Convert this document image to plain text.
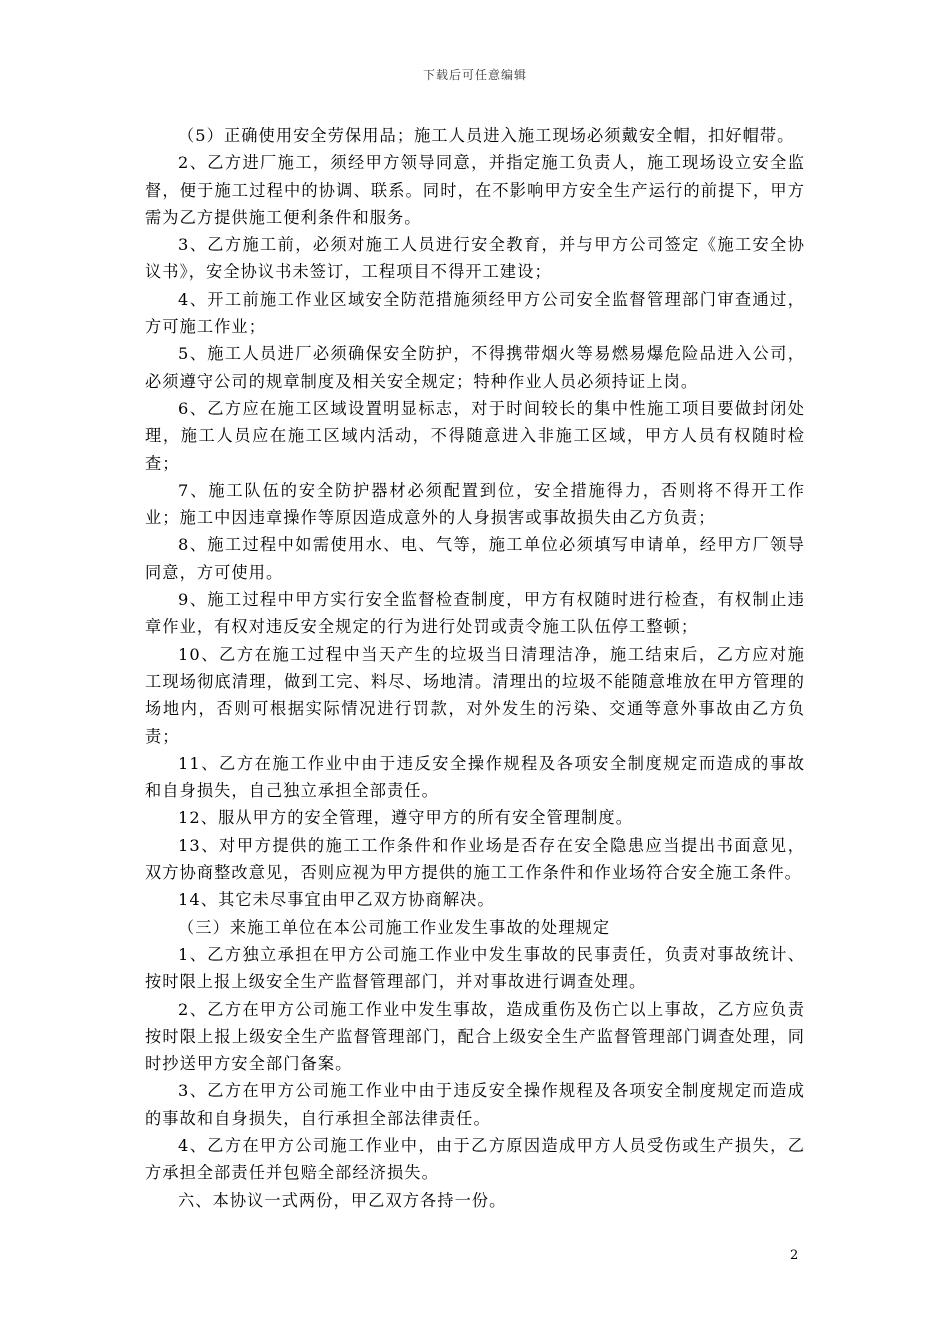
下载后可任意编辑

（5）正确使用安全劳保用品；施工人员进入施工现场必须戴安全帽，扣好帽带。

2、乙方进厂施工，须经甲方领导同意，并指定施工负责人，施工现场设立安全监督，便于施工过程中的协调、联系。同时，在不影响甲方安全生产运行的前提下，甲方需为乙方提供施工便利条件和服务。

3、乙方施工前，必须对施工人员进行安全教育，并与甲方公司签定《施工安全协议书》，安全协议书未签订，工程项目不得开工建设；

4、开工前施工作业区域安全防范措施须经甲方公司安全监督管理部门审查通过，方可施工作业；

5、施工人员进厂必须确保安全防护，不得携带烟火等易燃易爆危险品进入公司，必须遵守公司的规章制度及相关安全规定；特种作业人员必须持证上岗。

6、乙方应在施工区域设置明显标志，对于时间较长的集中性施工项目要做封闭处理，施工人员应在施工区域内活动，不得随意进入非施工区域，甲方人员有权随时检查；

7、施工队伍的安全防护器材必须配置到位，安全措施得力，否则将不得开工作业；施工中因违章操作等原因造成意外的人身损害或事故损失由乙方负责；

8、施工过程中如需使用水、电、气等，施工单位必须填写申请单，经甲方厂领导同意，方可使用。

9、施工过程中甲方实行安全监督检查制度，甲方有权随时进行检查，有权制止违章作业，有权对违反安全规定的行为进行处罚或责令施工队伍停工整顿；

10、乙方在施工过程中当天产生的垃圾当日清理洁净，施工结束后，乙方应对施工现场彻底清理，做到工完、料尽、场地清。清理出的垃圾不能随意堆放在甲方管理的场地内，否则可根据实际情况进行罚款，对外发生的污染、交通等意外事故由乙方负责；

11、乙方在施工作业中由于违反安全操作规程及各项安全制度规定而造成的事故和自身损失，自己独立承担全部责任。

12、服从甲方的安全管理，遵守甲方的所有安全管理制度。

13、对甲方提供的施工工作条件和作业场是否存在安全隐患应当提出书面意见，双方协商整改意见，否则应视为甲方提供的施工工作条件和作业场符合安全施工条件。

14、其它未尽事宜由甲乙双方协商解决。

（三）来施工单位在本公司施工作业发生事故的处理规定

1、乙方独立承担在甲方公司施工作业中发生事故的民事责任，负责对事故统计、按时限上报上级安全生产监督管理部门，并对事故进行调查处理。

2、乙方在甲方公司施工作业中发生事故，造成重伤及伤亡以上事故，乙方应负责按时限上报上级安全生产监督管理部门，配合上级安全生产监督管理部门调查处理，同时抄送甲方安全部门备案。

3、乙方在甲方公司施工作业中由于违反安全操作规程及各项安全制度规定而造成的事故和自身损失，自行承担全部法律责任。

4、乙方在甲方公司施工作业中，由于乙方原因造成甲方人员受伤或生产损失，乙方承担全部责任并包赔全部经济损失。

六、本协议一式两份，甲乙双方各持一份。

2
